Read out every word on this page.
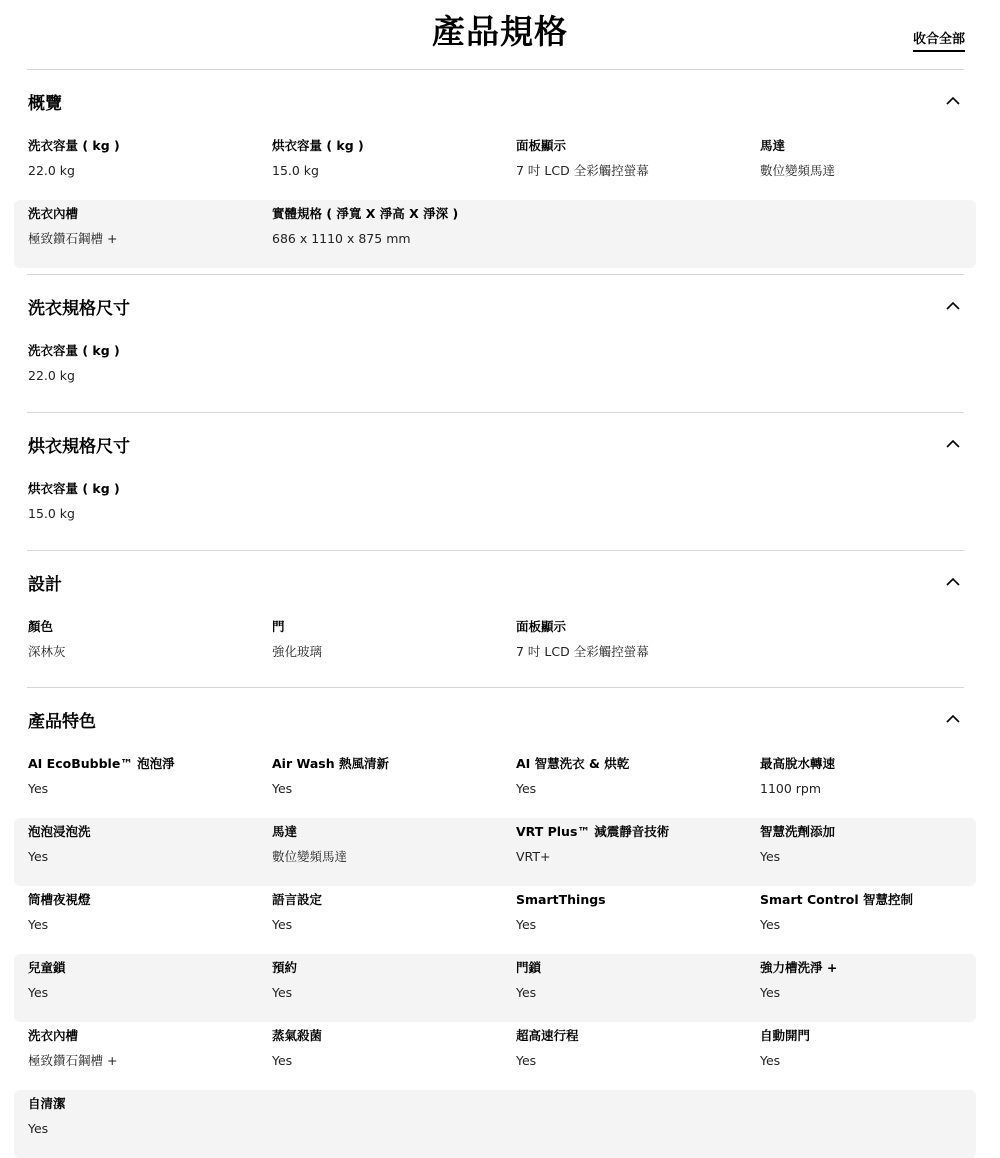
產品規格	收合全部
概覽
洗衣容量 ( kg )
22.0 kg
烘衣容量 ( kg )
15.0 kg
面板顯示
7 吋 LCD 全彩觸控螢幕
馬達
數位變頻馬達
洗衣內槽
極致鑽石鋼槽 +
實體規格 ( 淨寬 X 淨高 X 淨深 )
686 x 1110 x 875 mm
洗衣規格尺寸
洗衣容量 ( kg )
22.0 kg
烘衣規格尺寸
烘衣容量 ( kg )
15.0 kg
設計
顏色
深林灰
門
強化玻璃
面板顯示
7 吋 LCD 全彩觸控螢幕
產品特色
AI EcoBubble™ 泡泡淨
Yes
Air Wash 熱風清新
Yes
AI 智慧洗衣 & 烘乾
Yes
最高脫水轉速
1100 rpm
泡泡浸泡洗
Yes
馬達
數位變頻馬達
VRT Plus™ 減震靜音技術
VRT+
智慧洗劑添加
Yes
筒槽夜視燈
Yes
語言設定
Yes
SmartThings
Yes
Smart Control 智慧控制
Yes
兒童鎖
Yes
預約
Yes
門鎖
Yes
強力槽洗淨 +
Yes
洗衣內槽
極致鑽石鋼槽 +
蒸氣殺菌
Yes
超高速行程
Yes
自動開門
Yes
自清潔
Yes
